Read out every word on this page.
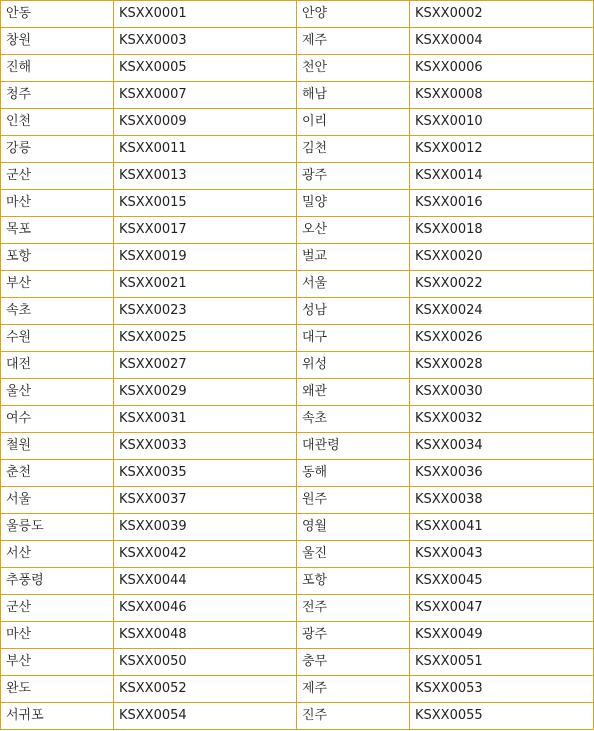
안동	KSXX0001	안양	KSXX0002
창원	KSXX0003	제주	KSXX0004
진해	KSXX0005	천안	KSXX0006
청주	KSXX0007	해남	KSXX0008
인천	KSXX0009	이리	KSXX0010
강릉	KSXX0011	김천	KSXX0012
군산	KSXX0013	광주	KSXX0014
마산	KSXX0015	밀양	KSXX0016
목포	KSXX0017	오산	KSXX0018
포항	KSXX0019	벌교	KSXX0020
부산	KSXX0021	서울	KSXX0022
속초	KSXX0023	성남	KSXX0024
수원	KSXX0025	대구	KSXX0026
대전	KSXX0027	위성	KSXX0028
울산	KSXX0029	왜관	KSXX0030
여수	KSXX0031	속초	KSXX0032
철원	KSXX0033	대관령	KSXX0034
춘천	KSXX0035	동해	KSXX0036
서울	KSXX0037	원주	KSXX0038
울릉도	KSXX0039	영월	KSXX0041
서산	KSXX0042	울진	KSXX0043
추풍령	KSXX0044	포항	KSXX0045
군산	KSXX0046	전주	KSXX0047
마산	KSXX0048	광주	KSXX0049
부산	KSXX0050	충무	KSXX0051
완도	KSXX0052	제주	KSXX0053
서귀포	KSXX0054	진주	KSXX0055
